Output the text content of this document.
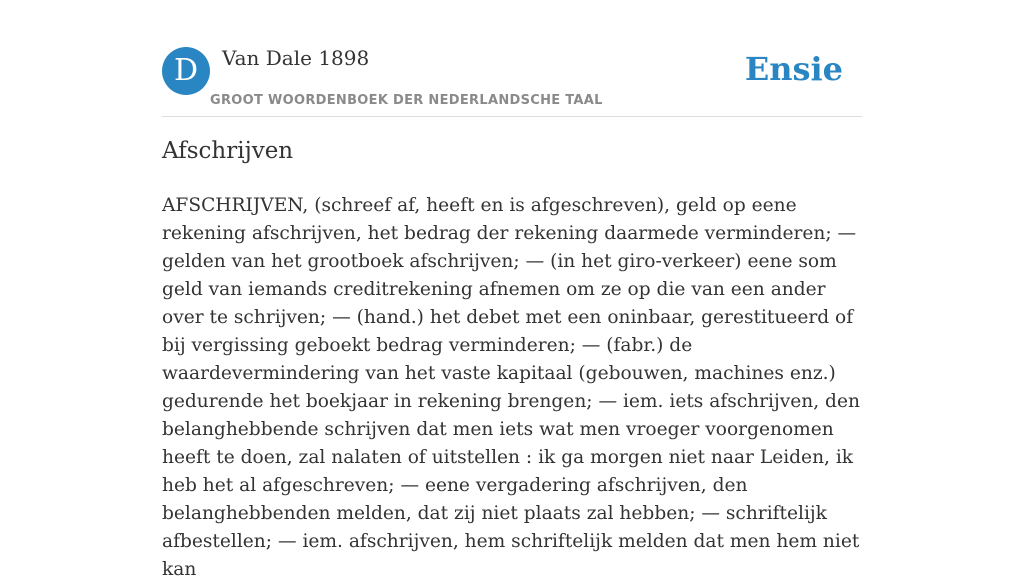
D	Van Dale 1898
GROOT WOORDENBOEK DER NEDERLANDSCHE TAAL
Ensie
Afschrijven

AFSCHRIJVEN, (schreef af, heeft en is afgeschreven), geld op eene rekening afschrijven, het bedrag der rekening daarmede verminderen; — gelden van het grootboek afschrijven; — (in het giro-verkeer) eene som geld van iemands creditrekening afnemen om ze op die van een ander over te schrijven; — (hand.) het debet met een oninbaar, gerestitueerd of bij vergissing geboekt bedrag verminderen; — (fabr.) de waardevermindering van het vaste kapitaal (gebouwen, machines enz.) gedurende het boekjaar in rekening brengen; — iem. iets afschrijven, den belanghebbende schrijven dat men iets wat men vroeger voorgenomen heeft te doen, zal nalaten of uitstellen : ik ga morgen niet naar Leiden, ik heb het al afgeschreven; — eene vergadering afschrijven, den belanghebbenden melden, dat zij niet plaats zal hebben; — schriftelijk afbestellen; — iem. afschrijven, hem schriftelijk melden dat men hem niet kan
